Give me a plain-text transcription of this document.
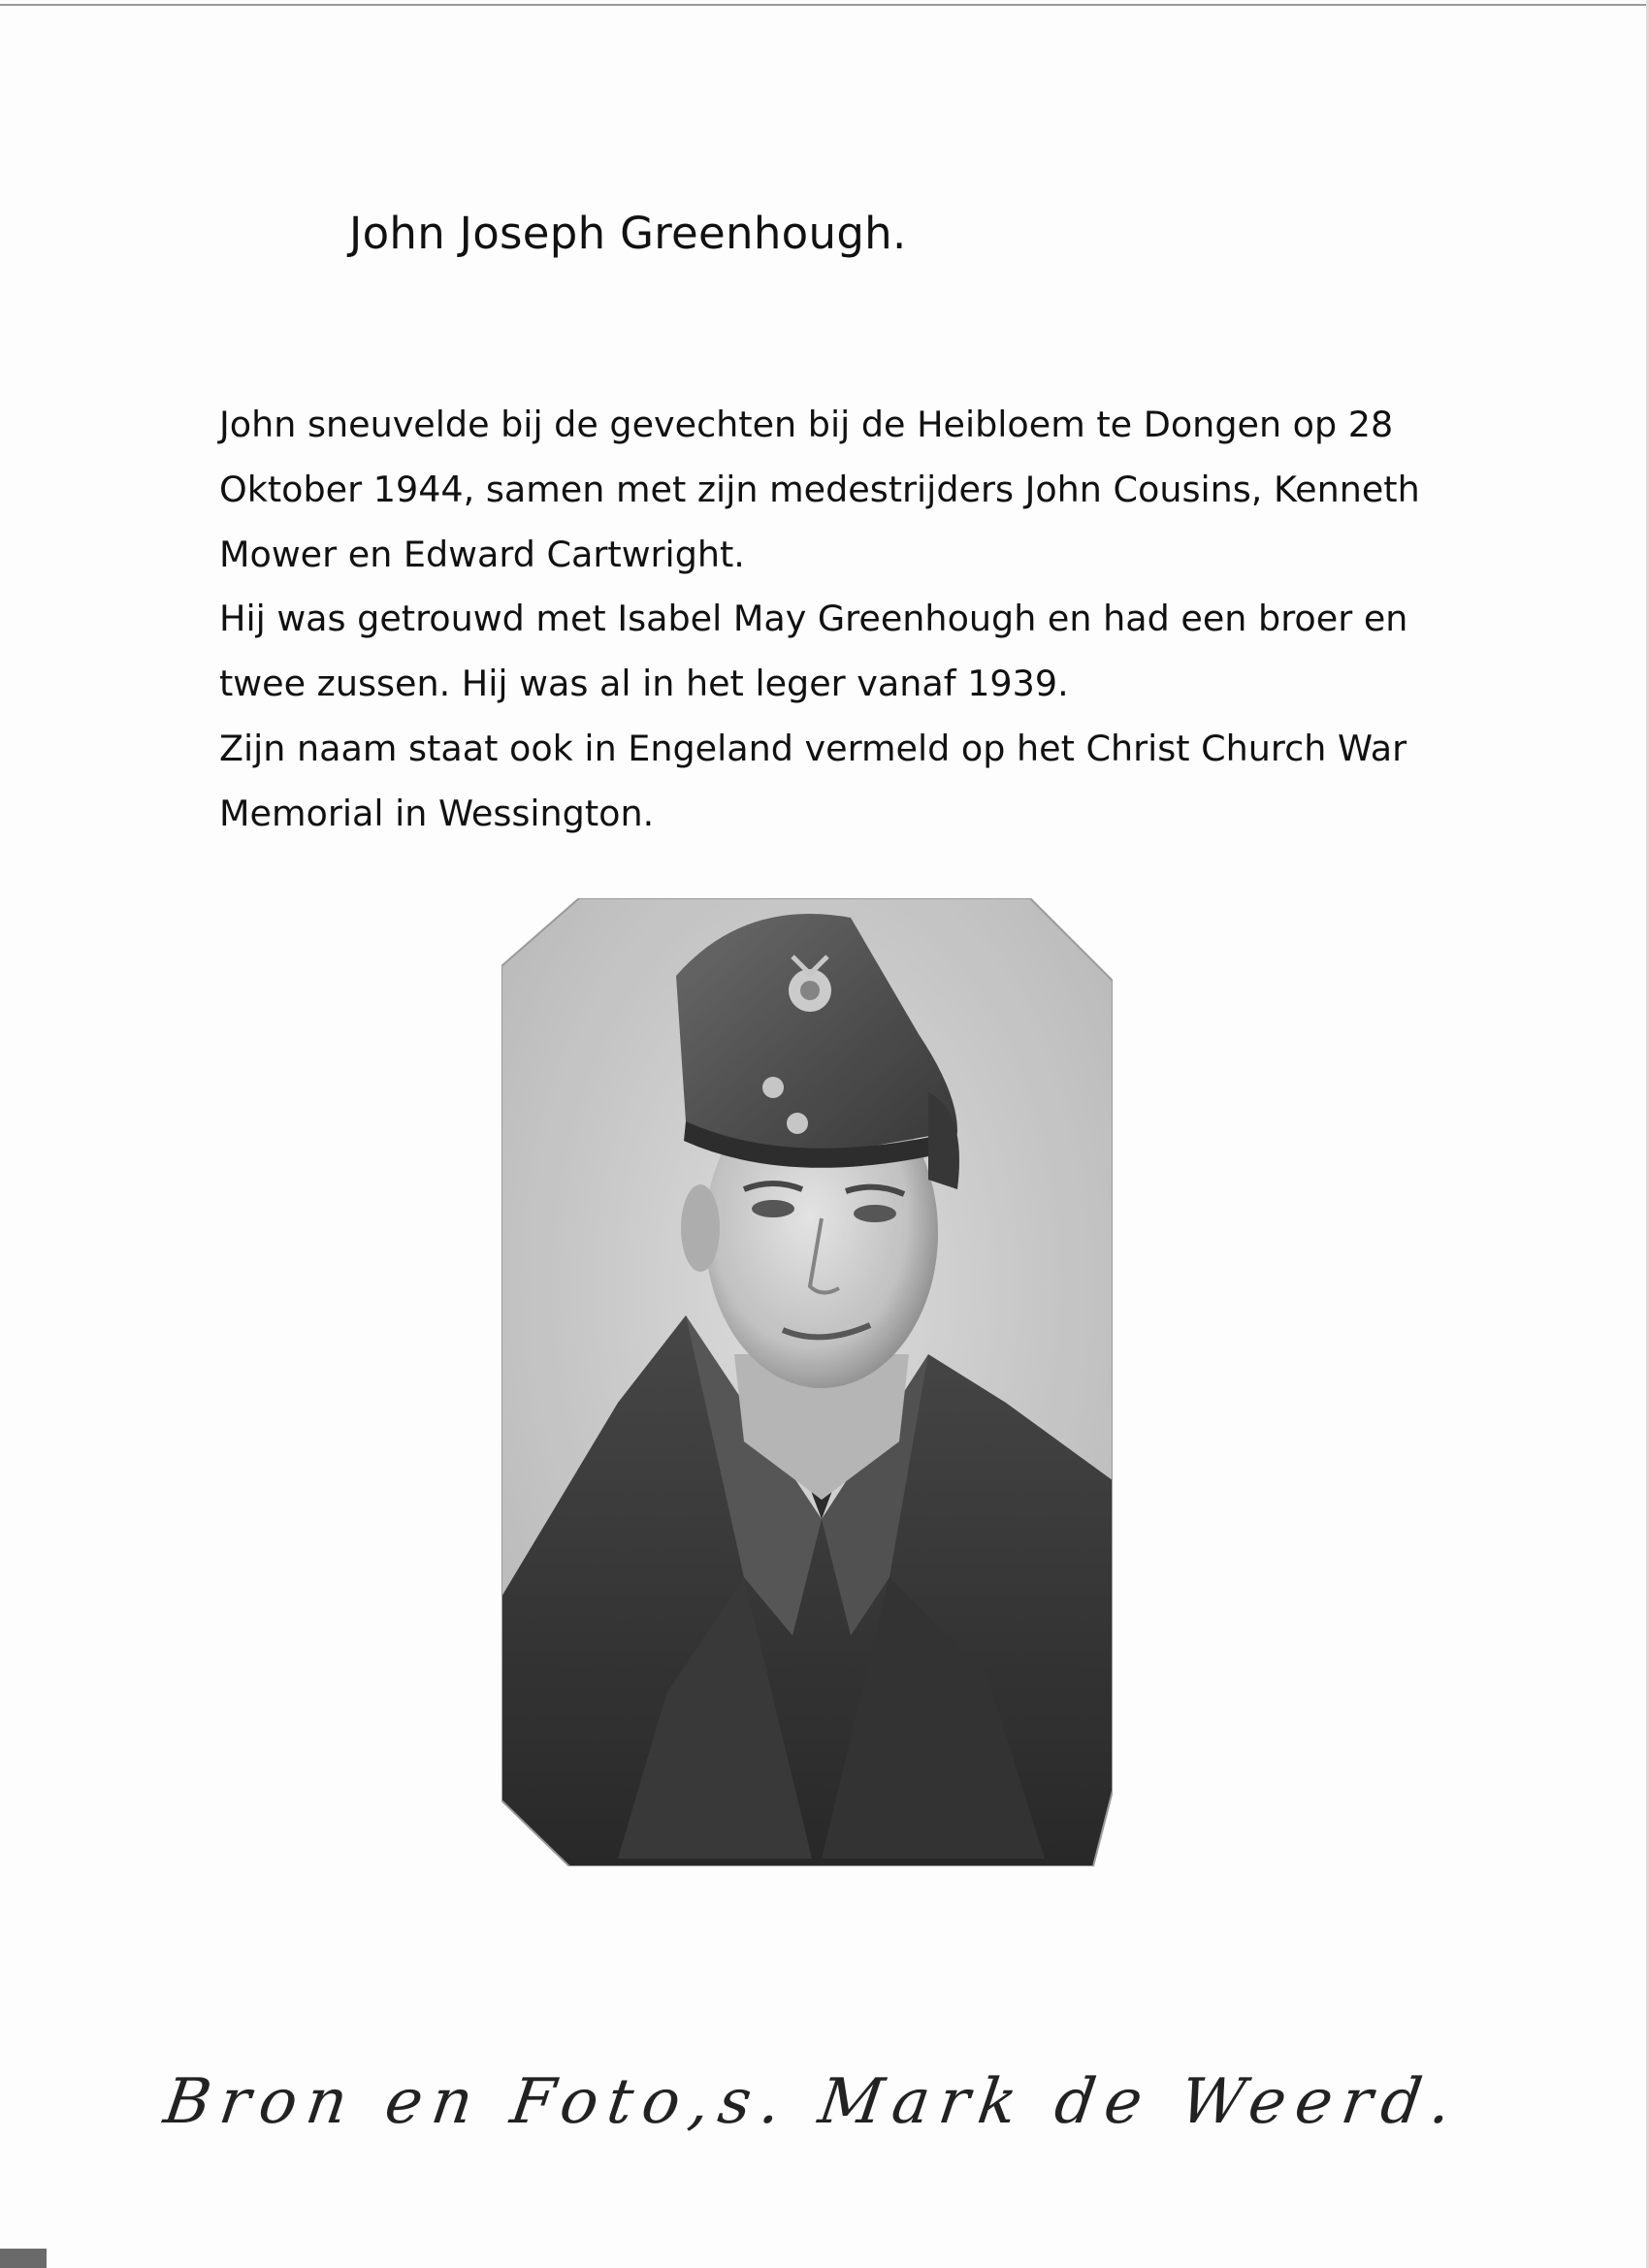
John Joseph Greenhough.

John sneuvelde bij de gevechten bij de Heibloem te Dongen op 28 Oktober 1944, samen met zijn medestrijders John Cousins, Kenneth Mower en Edward Cartwright.

Hij was getrouwd met Isabel May Greenhough en had een broer en twee zussen. Hij was al in het leger vanaf 1939.

Zijn naam staat ook in Engeland vermeld op het Christ Church War Memorial in Wessington.

Bron en Foto,s. Mark de Weerd.
